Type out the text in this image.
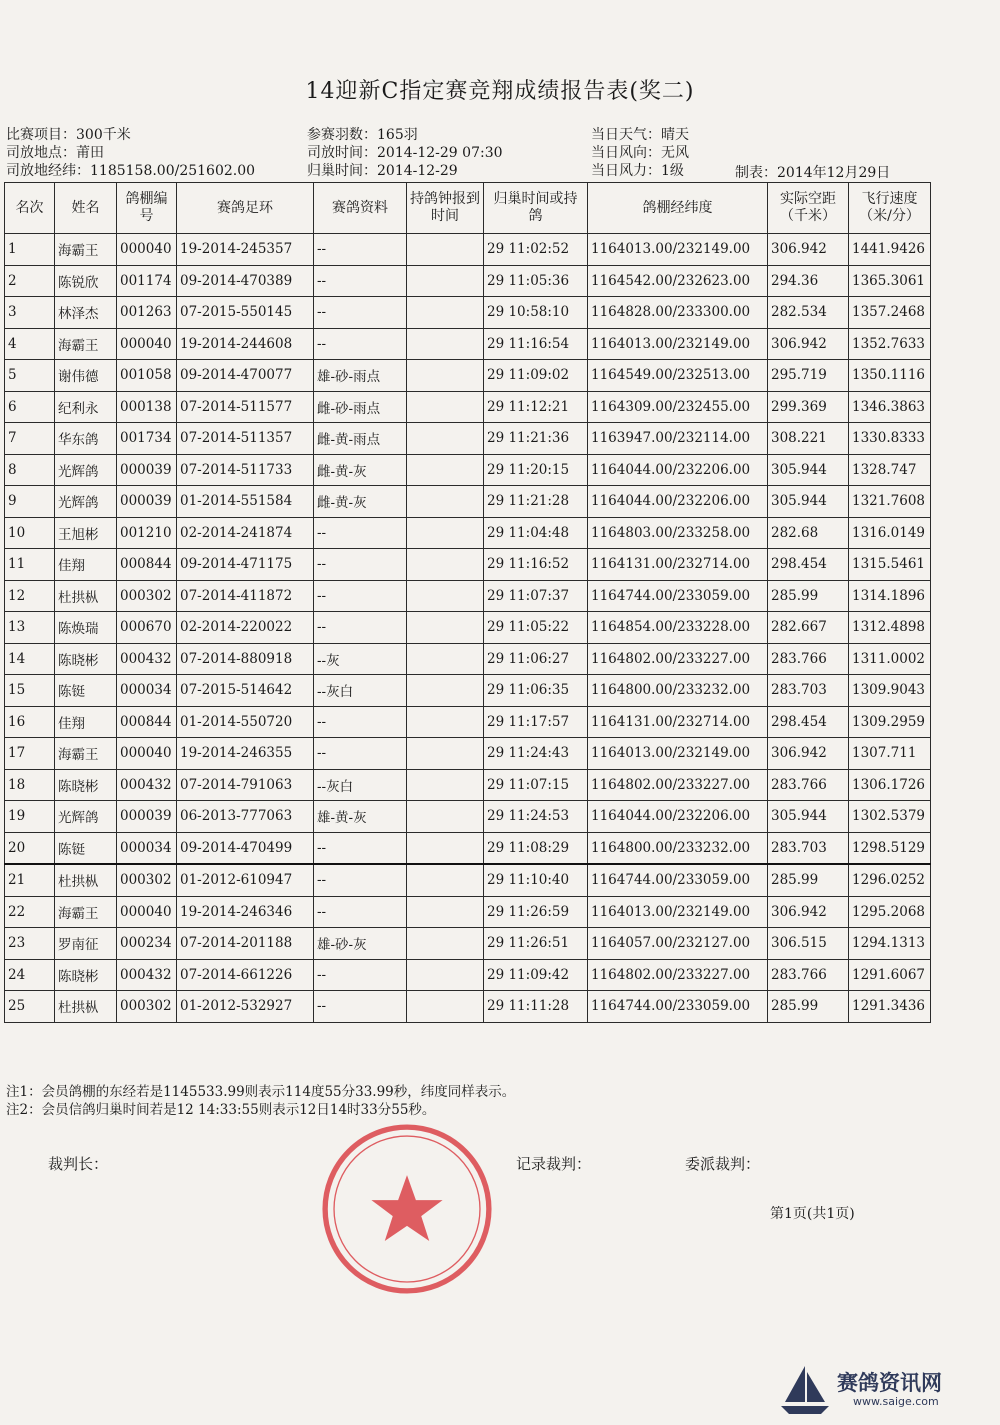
14迎新C指定赛竞翔成绩报告表(奖二)
比赛项目：300千米
司放地点：莆田
司放地经纬：1185158.00/251602.00
参赛羽数：165羽
司放时间：2014-12-29 07:30
归巢时间：2014-12-29
当日天气：晴天
当日风向：无风
当日风力：1级	制表：2014年12月29日
名次	姓名	鸽棚编号	赛鸽足环	赛鸽资料	持鸽钟报到时间	归巢时间或持鸽	鸽棚经纬度	实际空距（千米）	飞行速度（米/分）
1	海霸王	000040	19-2014-245357	--		29 11:02:52	1164013.00/232149.00	306.942	1441.9426
2	陈锐欣	001174	09-2014-470389	--		29 11:05:36	1164542.00/232623.00	294.36	1365.3061
3	林泽杰	001263	07-2015-550145	--		29 10:58:10	1164828.00/233300.00	282.534	1357.2468
4	海霸王	000040	19-2014-244608	--		29 11:16:54	1164013.00/232149.00	306.942	1352.7633
5	谢伟德	001058	09-2014-470077	雄-砂-雨点		29 11:09:02	1164549.00/232513.00	295.719	1350.1116
6	纪利永	000138	07-2014-511577	雌-砂-雨点		29 11:12:21	1164309.00/232455.00	299.369	1346.3863
7	华东鸽	001734	07-2014-511357	雌-黄-雨点		29 11:21:36	1163947.00/232114.00	308.221	1330.8333
8	光辉鸽	000039	07-2014-511733	雌-黄-灰		29 11:20:15	1164044.00/232206.00	305.944	1328.747
9	光辉鸽	000039	01-2014-551584	雌-黄-灰		29 11:21:28	1164044.00/232206.00	305.944	1321.7608
10	王旭彬	001210	02-2014-241874	--		29 11:04:48	1164803.00/233258.00	282.68	1316.0149
11	佳翔	000844	09-2014-471175	--		29 11:16:52	1164131.00/232714.00	298.454	1315.5461
12	杜拱枞	000302	07-2014-411872	--		29 11:07:37	1164744.00/233059.00	285.99	1314.1896
13	陈焕瑞	000670	02-2014-220022	--		29 11:05:22	1164854.00/233228.00	282.667	1312.4898
14	陈晓彬	000432	07-2014-880918	--灰		29 11:06:27	1164802.00/233227.00	283.766	1311.0002
15	陈铤	000034	07-2015-514642	--灰白		29 11:06:35	1164800.00/233232.00	283.703	1309.9043
16	佳翔	000844	01-2014-550720	--		29 11:17:57	1164131.00/232714.00	298.454	1309.2959
17	海霸王	000040	19-2014-246355	--		29 11:24:43	1164013.00/232149.00	306.942	1307.711
18	陈晓彬	000432	07-2014-791063	--灰白		29 11:07:15	1164802.00/233227.00	283.766	1306.1726
19	光辉鸽	000039	06-2013-777063	雄-黄-灰		29 11:24:53	1164044.00/232206.00	305.944	1302.5379
20	陈铤	000034	09-2014-470499	--		29 11:08:29	1164800.00/233232.00	283.703	1298.5129
21	杜拱枞	000302	01-2012-610947	--		29 11:10:40	1164744.00/233059.00	285.99	1296.0252
22	海霸王	000040	19-2014-246346	--		29 11:26:59	1164013.00/232149.00	306.942	1295.2068
23	罗南征	000234	07-2014-201188	雄-砂-灰		29 11:26:51	1164057.00/232127.00	306.515	1294.1313
24	陈晓彬	000432	07-2014-661226	--		29 11:09:42	1164802.00/233227.00	283.766	1291.6067
25	杜拱枞	000302	01-2012-532927	--		29 11:11:28	1164744.00/233059.00	285.99	1291.3436
注1：会员鸽棚的东经若是1145533.99则表示114度55分33.99秒，纬度同样表示。
注2：会员信鸽归巢时间若是12 14:33:55则表示12日14时33分55秒。
裁判长：	记录裁判：	委派裁判：
第1页(共1页)
赛鸽资讯网
www.saige.com
